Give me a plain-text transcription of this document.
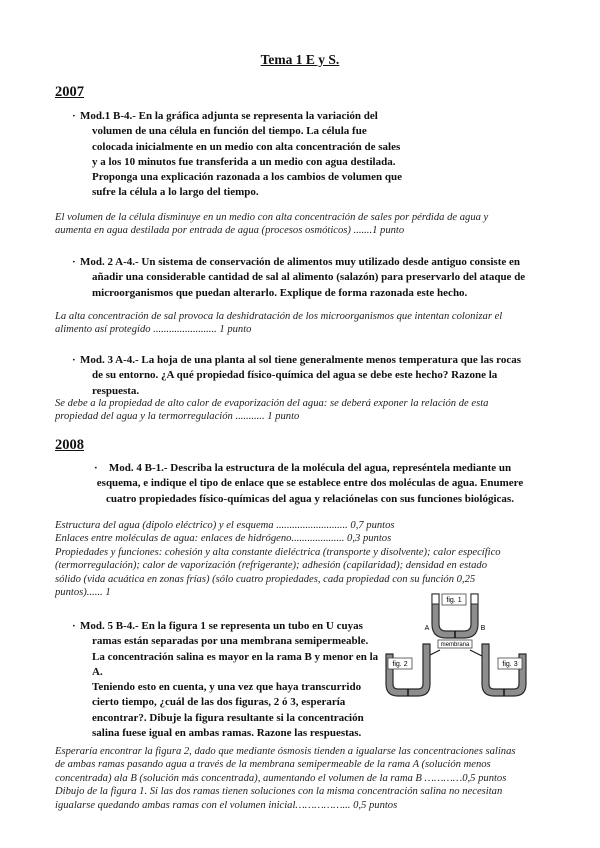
Tema 1 E y S.
2007
· Mod.1 B-4.- En la gráfica adjunta se representa la variación del
volumen de una célula en función del tiempo. La célula fue
colocada inicialmente en un medio con alta concentración de sales
y a los 10 minutos fue transferida a un medio con agua destilada.
Proponga una explicación razonada a los cambios de volumen que
sufre la célula a lo largo del tiempo.
El volumen de la célula disminuye en un medio con alta concentración de sales por pérdida de agua y
aumenta en agua destilada por entrada de agua (procesos osmóticos) .......1 punto
· Mod. 2 A-4.- Un sistema de conservación de alimentos muy utilizado desde antiguo consiste en
añadir una considerable cantidad de sal al alimento (salazón) para preservarlo del ataque de
microorganismos que puedan alterarlo. Explique de forma razonada este hecho.
La alta concentración de sal provoca la deshidratación de los microorganismos que intentan colonizar el
alimento así protegido ........................ 1 punto
· Mod. 3 A-4.- La hoja de una planta al sol tiene generalmente menos temperatura que las rocas
de su entorno. ¿A qué propiedad físico-química del agua se debe este hecho? Razone la
respuesta.
Se debe a la propiedad de alto calor de evaporización del agua: se deberá exponer la relación de esta
propiedad del agua y la termorregulación ........... 1 punto
2008
·	Mod. 4 B-1.- Describa la estructura de la molécula del agua, represéntela mediante un
esquema, e indique el tipo de enlace que se establece entre dos moléculas de agua. Enumere
cuatro propiedades físico-químicas del agua y relaciónelas con sus funciones biológicas.
Estructura del agua (dipolo eléctrico) y el esquema ........................... 0,7 puntos
Enlaces entre moléculas de agua: enlaces de hidrógeno.................... 0,3 puntos
Propiedades y funciones: cohesión y alta constante dieléctrica (transporte y disolvente); calor específico
(termorregulación); calor de vaporización (refrigerante); adhesión (capilaridad); densidad en estado
sólido (vida acuática en zonas frías) (sólo cuatro propiedades, cada propiedad con su función 0,25
puntos)...... 1
· Mod. 5 B-4.- En la figura 1 se representa un tubo en U cuyas
ramas están separadas por una membrana semipermeable.
La concentración salina es mayor en la rama B y menor en la
A.
Teniendo esto en cuenta, y una vez que haya transcurrido
cierto tiempo, ¿cuál de las dos figuras, 2 ó 3, esperaría
encontrar?. Dibuje la figura resultante si la concentración
salina fuese igual en ambas ramas. Razone las respuestas.
fig. 1
A	B
membrana
fig. 2	fig. 3
Esperaría encontrar la figura 2, dado que mediante ósmosis tienden a igualarse las concentraciones salinas
de ambas ramas pasando agua a través de la membrana semipermeable de la rama A (solución menos
concentrada) ala B (solución más concentrada), aumentando el volumen de la rama B …………0,5 puntos
Dibujo de la figura 1. Si las dos ramas tienen soluciones con la misma concentración salina no necesitan
igualarse quedando ambas ramas con el volumen inicial……………... 0,5 puntos
